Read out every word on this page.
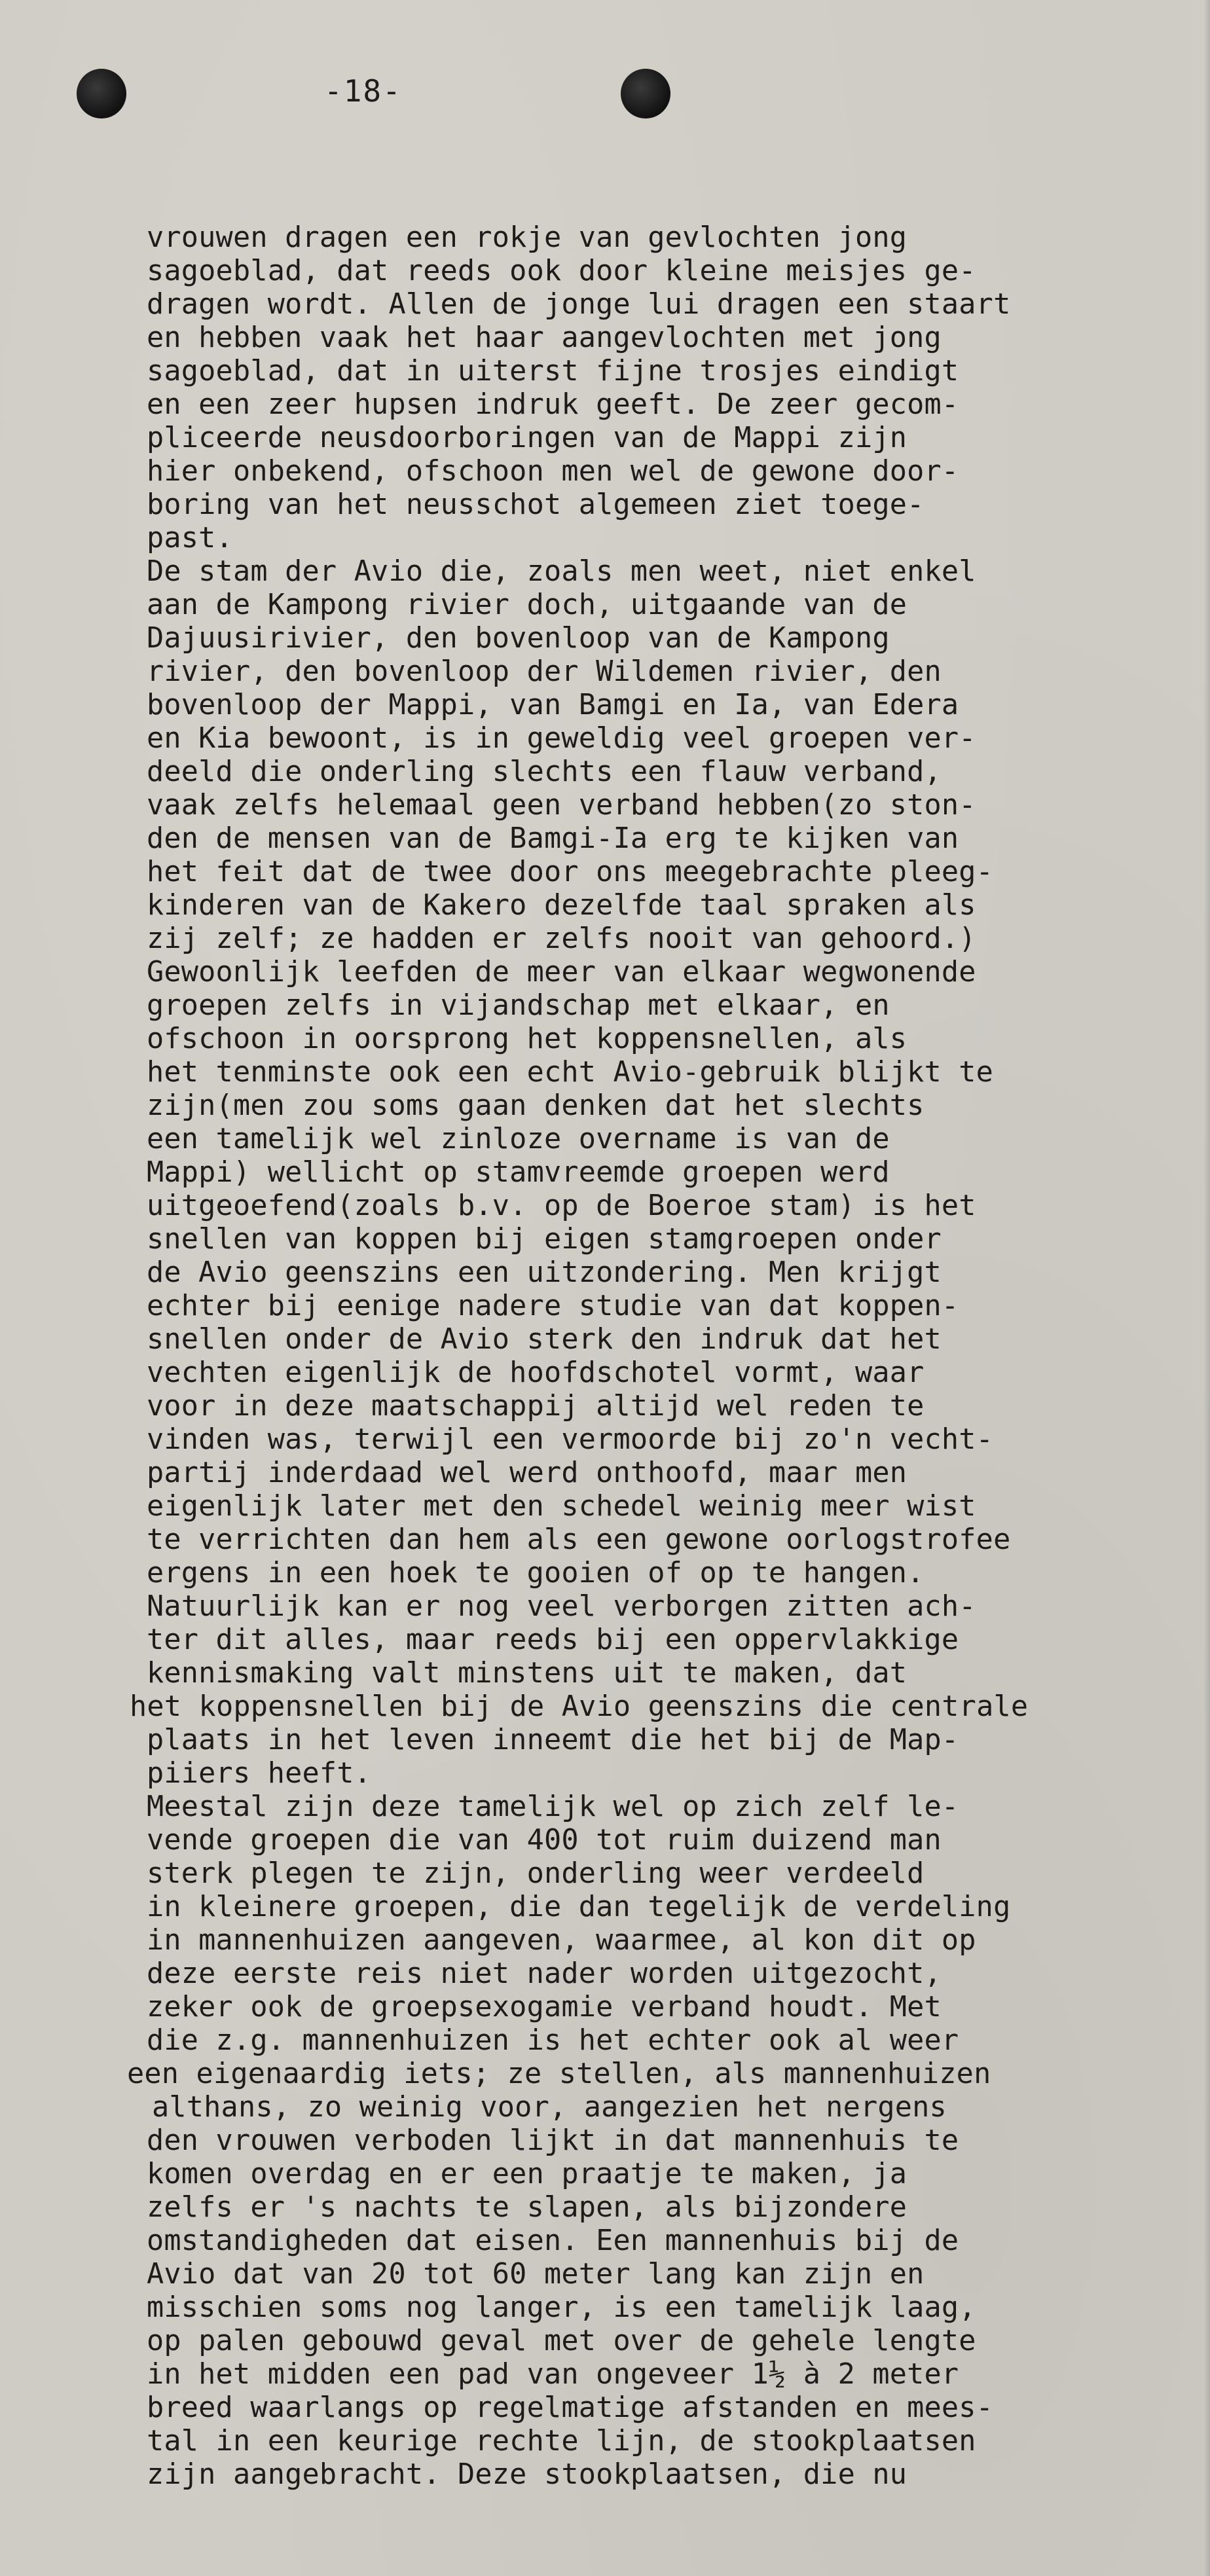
-18-
vrouwen dragen een rokje van gevlochten jong
sagoeblad, dat reeds ook door kleine meisjes ge-
dragen wordt. Allen de jonge lui dragen een staart
en hebben vaak het haar aangevlochten met jong
sagoeblad, dat in uiterst fijne trosjes eindigt
en een zeer hupsen indruk geeft. De zeer gecom-
pliceerde neusdoorboringen van de Mappi zijn
hier onbekend, ofschoon men wel de gewone door-
boring van het neusschot algemeen ziet toege-
past.
De stam der Avio die, zoals men weet, niet enkel
aan de Kampong rivier doch, uitgaande van de
Dajuusirivier, den bovenloop van de Kampong
rivier, den bovenloop der Wildemen rivier, den
bovenloop der Mappi, van Bamgi en Ia, van Edera
en Kia bewoont, is in geweldig veel groepen ver-
deeld die onderling slechts een flauw verband,
vaak zelfs helemaal geen verband hebben(zo ston-
den de mensen van de Bamgi-Ia erg te kijken van
het feit dat de twee door ons meegebrachte pleeg-
kinderen van de Kakero dezelfde taal spraken als
zij zelf; ze hadden er zelfs nooit van gehoord.)
Gewoonlijk leefden de meer van elkaar wegwonende
groepen zelfs in vijandschap met elkaar, en
ofschoon in oorsprong het koppensnellen, als
het tenminste ook een echt Avio-gebruik blijkt te
zijn(men zou soms gaan denken dat het slechts
een tamelijk wel zinloze overname is van de
Mappi) wellicht op stamvreemde groepen werd
uitgeoefend(zoals b.v. op de Boeroe stam) is het
snellen van koppen bij eigen stamgroepen onder
de Avio geenszins een uitzondering. Men krijgt
echter bij eenige nadere studie van dat koppen-
snellen onder de Avio sterk den indruk dat het
vechten eigenlijk de hoofdschotel vormt, waar
voor in deze maatschappij altijd wel reden te
vinden was, terwijl een vermoorde bij zo'n vecht-
partij inderdaad wel werd onthoofd, maar men
eigenlijk later met den schedel weinig meer wist
te verrichten dan hem als een gewone oorlogstrofee
ergens in een hoek te gooien of op te hangen.
Natuurlijk kan er nog veel verborgen zitten ach-
ter dit alles, maar reeds bij een oppervlakkige
kennismaking valt minstens uit te maken, dat
het koppensnellen bij de Avio geenszins die centrale
plaats in het leven inneemt die het bij de Map-
piiers heeft.
Meestal zijn deze tamelijk wel op zich zelf le-
vende groepen die van 400 tot ruim duizend man
sterk plegen te zijn, onderling weer verdeeld
in kleinere groepen, die dan tegelijk de verdeling
in mannenhuizen aangeven, waarmee, al kon dit op
deze eerste reis niet nader worden uitgezocht,
zeker ook de groepsexogamie verband houdt. Met
die z.g. mannenhuizen is het echter ook al weer
een eigenaardig iets; ze stellen, als mannenhuizen
althans, zo weinig voor, aangezien het nergens
den vrouwen verboden lijkt in dat mannenhuis te
komen overdag en er een praatje te maken, ja
zelfs er 's nachts te slapen, als bijzondere
omstandigheden dat eisen. Een mannenhuis bij de
Avio dat van 20 tot 60 meter lang kan zijn en
misschien soms nog langer, is een tamelijk laag,
op palen gebouwd geval met over de gehele lengte
in het midden een pad van ongeveer 1½ à 2 meter
breed waarlangs op regelmatige afstanden en mees-
tal in een keurige rechte lijn, de stookplaatsen
zijn aangebracht. Deze stookplaatsen, die nu
